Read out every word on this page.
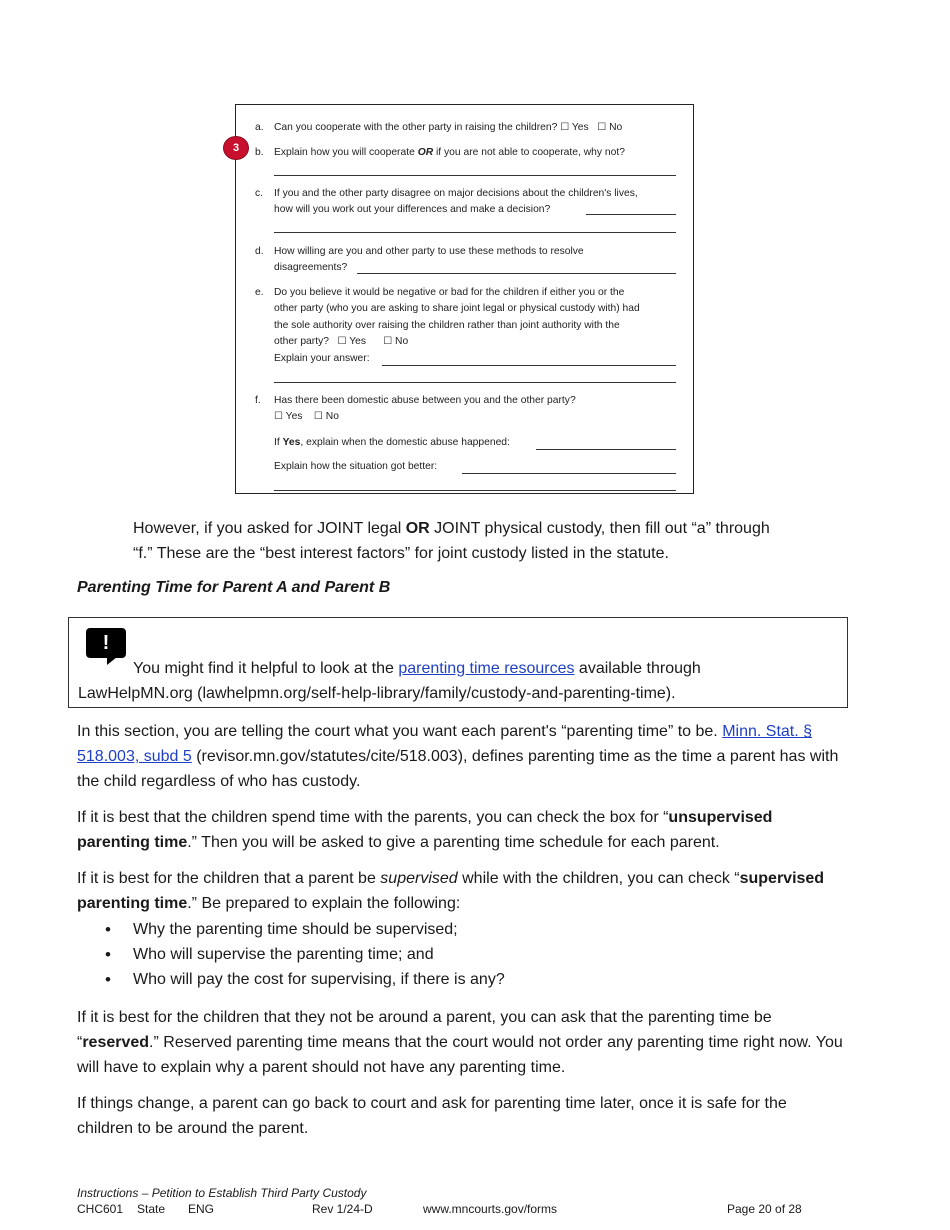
a. Can you cooperate with the other party in raising the children? ☐ Yes ☐ No
b. Explain how you will cooperate OR if you are not able to cooperate, why not?
c. If you and the other party disagree on major decisions about the children's lives,
how will you work out your differences and make a decision?
d. How willing are you and other party to use these methods to resolve
disagreements?
e. Do you believe it would be negative or bad for the children if either you or the
other party (who you are asking to share joint legal or physical custody with) had
the sole authority over raising the children rather than joint authority with the
other party? ☐ Yes ☐ No
Explain your answer:
f. Has there been domestic abuse between you and the other party?
☐ Yes ☐ No
If Yes, explain when the domestic abuse happened:
Explain how the situation got better:
3
However, if you asked for JOINT legal OR JOINT physical custody, then fill out “a” through
“f.” These are the “best interest factors” for joint custody listed in the statute.
Parenting Time for Parent A and Parent B
!
You might find it helpful to look at the parenting time resources available through
LawHelpMN.org (lawhelpmn.org/self-help-library/family/custody-and-parenting-time).
In this section, you are telling the court what you want each parent's “parenting time” to be. Minn. Stat. § 518.003, subd 5 (revisor.mn.gov/statutes/cite/518.003), defines parenting time as the time a parent has with the child regardless of who has custody.
If it is best that the children spend time with the parents, you can check the box for “unsupervised parenting time.” Then you will be asked to give a parenting time schedule for each parent.
If it is best for the children that a parent be supervised while with the children, you can check “supervised parenting time.” Be prepared to explain the following:
• Why the parenting time should be supervised;
• Who will supervise the parenting time; and
• Who will pay the cost for supervising, if there is any?
If it is best for the children that they not be around a parent, you can ask that the parenting time be “reserved.” Reserved parenting time means that the court would not order any parenting time right now. You will have to explain why a parent should not have any parenting time.
If things change, a parent can go back to court and ask for parenting time later, once it is safe for the children to be around the parent.
Instructions – Petition to Establish Third Party Custody
CHC601 State ENG	Rev 1/24-D	www.mncourts.gov/forms	Page 20 of 28
